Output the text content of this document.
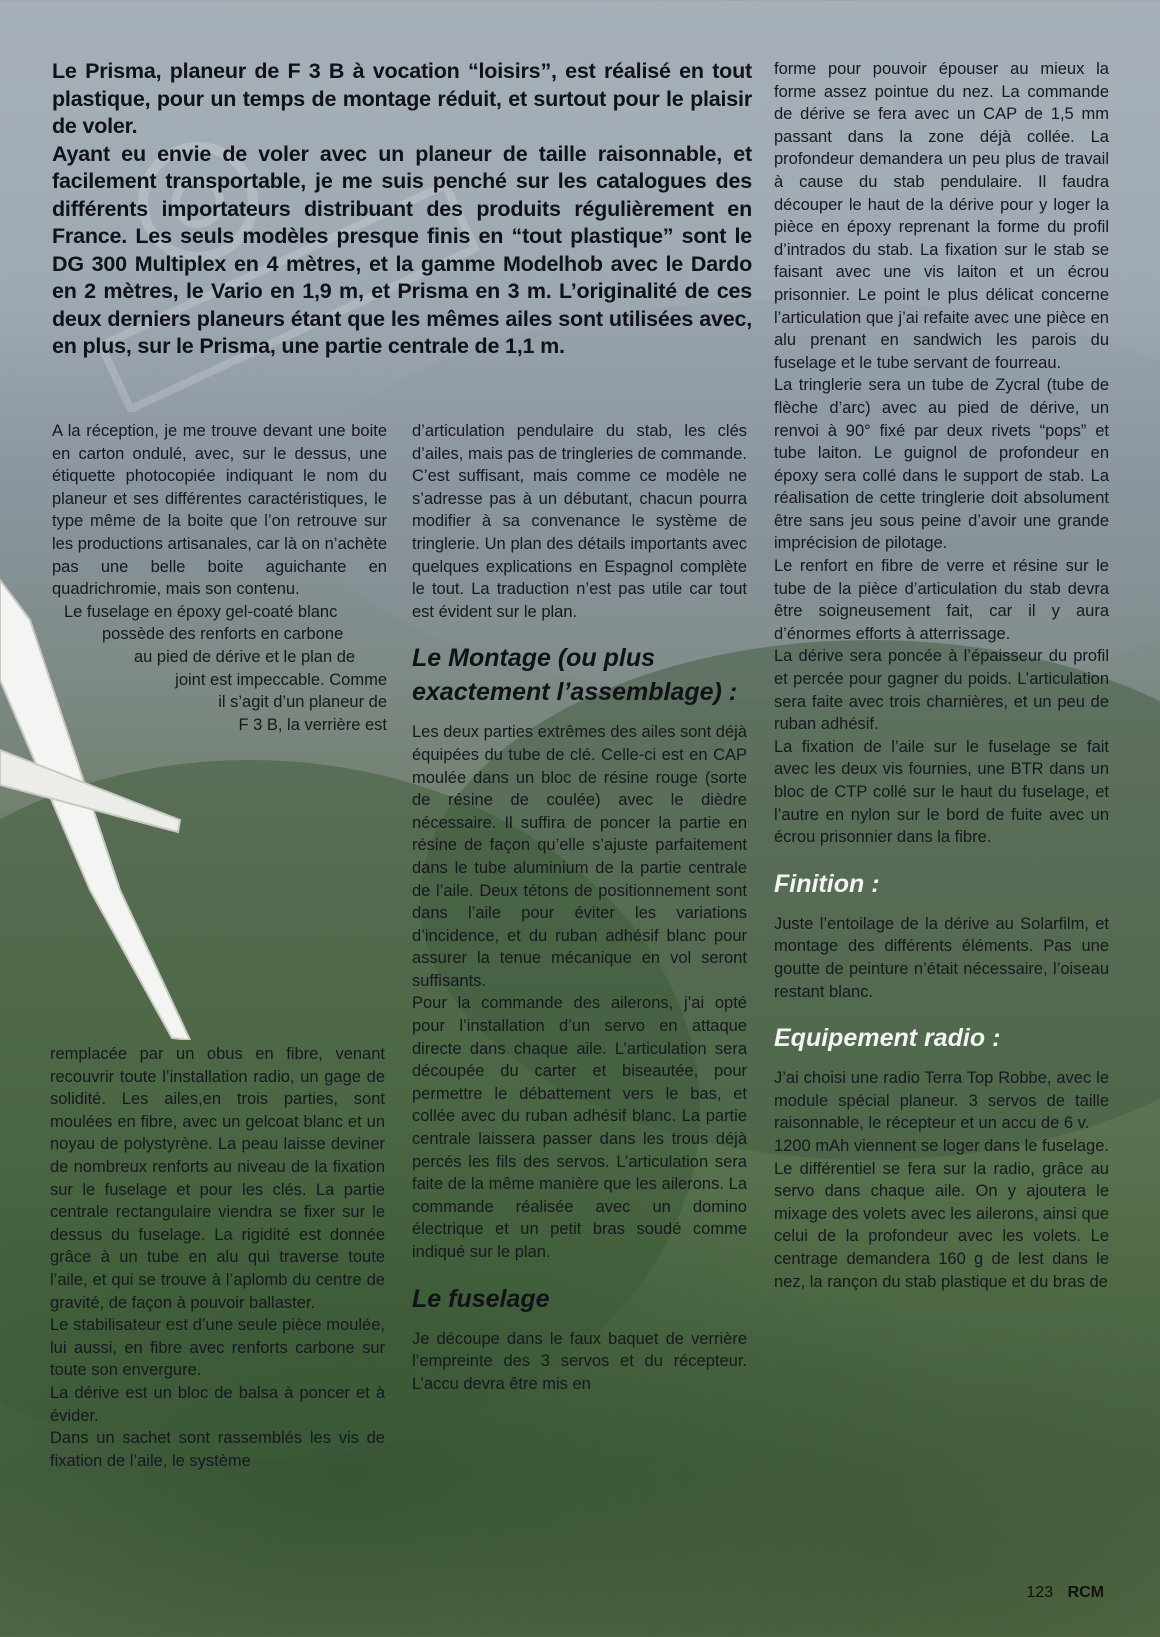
Le Prisma, planeur de F 3 B à vocation “loisirs”, est réalisé en tout plastique, pour un temps de montage réduit, et surtout pour le plaisir de voler.

Ayant eu envie de voler avec un planeur de taille raisonnable, et facilement transportable, je me suis penché sur les catalogues des différents importateurs distribuant des produits régulièrement en France. Les seuls modèles presque finis en “tout plastique” sont le DG 300 Multiplex en 4 mètres, et la gamme Modelhob avec le Dardo en 2 mètres, le Vario en 1,9 m, et Prisma en 3 m. L’originalité de ces deux derniers planeurs étant que les mêmes ailes sont utilisées avec, en plus, sur le Prisma, une partie centrale de 1,1 m.

A la réception, je me trouve devant une boite en carton ondulé, avec, sur le dessus, une étiquette photocopiée indiquant le nom du planeur et ses différentes caractéristiques, le type même de la boite que l’on retrouve sur les productions artisanales, car là on n’achète pas une belle boite aguichante en quadrichromie, mais son contenu.

Le fuselage en époxy gel-coaté blanc

possède des renforts en carbone

au pied de dérive et le plan de

joint est impeccable. Comme

il s’agit d’un planeur de

F 3 B, la verrière est

remplacée par un obus en fibre, venant recouvrir toute l’installation radio, un gage de solidité. Les ailes,en trois parties, sont moulées en fibre, avec un gelcoat blanc et un noyau de polystyrène. La peau laisse deviner de nombreux renforts au niveau de la fixation sur le fuselage et pour les clés. La partie centrale rectangulaire viendra se fixer sur le dessus du fuselage. La rigidité est donnée grâce à un tube en alu qui traverse toute l’aile, et qui se trouve à l’aplomb du centre de gravité, de façon à pouvoir ballaster.

Le stabilisateur est d’une seule pièce moulée, lui aussi, en fibre avec renforts carbone sur toute son envergure.

La dérive est un bloc de balsa à poncer et à évider.

Dans un sachet sont rassemblés les vis de fixation de l’aile, le système

d’articulation pendulaire du stab, les clés d’ailes, mais pas de tringleries de commande. C’est suffisant, mais comme ce modèle ne s’adresse pas à un débutant, chacun pourra modifier à sa convenance le système de tringlerie. Un plan des détails importants avec quelques explications en Espagnol complète le tout. La traduction n’est pas utile car tout est évident sur le plan.

Le Montage (ou plus exactement l’assemblage) :

Les deux parties extrêmes des ailes sont déjà équipées du tube de clé. Celle-ci est en CAP moulée dans un bloc de résine rouge (sorte de résine de coulée) avec le dièdre nécessaire. Il suffira de poncer la partie en résine de façon qu’elle s’ajuste parfaitement dans le tube aluminium de la partie centrale de l’aile. Deux tétons de positionnement sont dans l’aile pour éviter les variations d’incidence, et du ruban adhésif blanc pour assurer la tenue mécanique en vol seront suffisants.

Pour la commande des ailerons, j’ai opté pour l’installation d’un servo en attaque directe dans chaque aile. L’articulation sera découpée du carter et biseautée, pour permettre le débattement vers le bas, et collée avec du ruban adhésif blanc. La partie centrale laissera passer dans les trous déjà percés les fils des servos. L’articulation sera faite de la même manière que les ailerons. La commande réalisée avec un domino électrique et un petit bras soudé comme indiqué sur le plan.

Le fuselage

Je découpe dans le faux baquet de verrière l’empreinte des 3 servos et du récepteur. L’accu devra être mis en

forme pour pouvoir épouser au mieux la forme assez pointue du nez. La commande de dérive se fera avec un CAP de 1,5 mm passant dans la zone déjà collée. La profondeur demandera un peu plus de travail à cause du stab pendulaire. Il faudra découper le haut de la dérive pour y loger la pièce en époxy reprenant la forme du profil d’intrados du stab. La fixation sur le stab se faisant avec une vis laiton et un écrou prisonnier. Le point le plus délicat concerne l’articulation que j’ai refaite avec une pièce en alu prenant en sandwich les parois du fuselage et le tube servant de fourreau.

La tringlerie sera un tube de Zycral (tube de flèche d’arc) avec au pied de dérive, un renvoi à 90° fixé par deux rivets “pops” et tube laiton. Le guignol de profondeur en époxy sera collé dans le support de stab. La réalisation de cette tringlerie doit absolument être sans jeu sous peine d’avoir une grande imprécision de pilotage.

Le renfort en fibre de verre et résine sur le tube de la pièce d’articulation du stab devra être soigneusement fait, car il y aura d’énormes efforts à atterrissage.

La dérive sera poncée à l’épaisseur du profil et percée pour gagner du poids. L’articulation sera faite avec trois charnières, et un peu de ruban adhésif.

La fixation de l’aile sur le fuselage se fait avec les deux vis fournies, une BTR dans un bloc de CTP collé sur le haut du fuselage, et l’autre en nylon sur le bord de fuite avec un écrou prisonnier dans la fibre.

Finition :

Juste l’entoilage de la dérive au Solarfilm, et montage des différents éléments. Pas une goutte de peinture n’était nécessaire, l’oiseau restant blanc.

Equipement radio :

J’ai choisi une radio Terra Top Robbe, avec le module spécial planeur. 3 servos de taille raisonnable, le récepteur et un accu de 6 v.

1200 mAh viennent se loger dans le fuselage. Le différentiel se fera sur la radio, grâce au servo dans chaque aile. On y ajoutera le mixage des volets avec les ailerons, ainsi que celui de la profondeur avec les volets. Le centrage demandera 160 g de lest dans le nez, la rançon du stab plastique et du bras de

123 RCM
